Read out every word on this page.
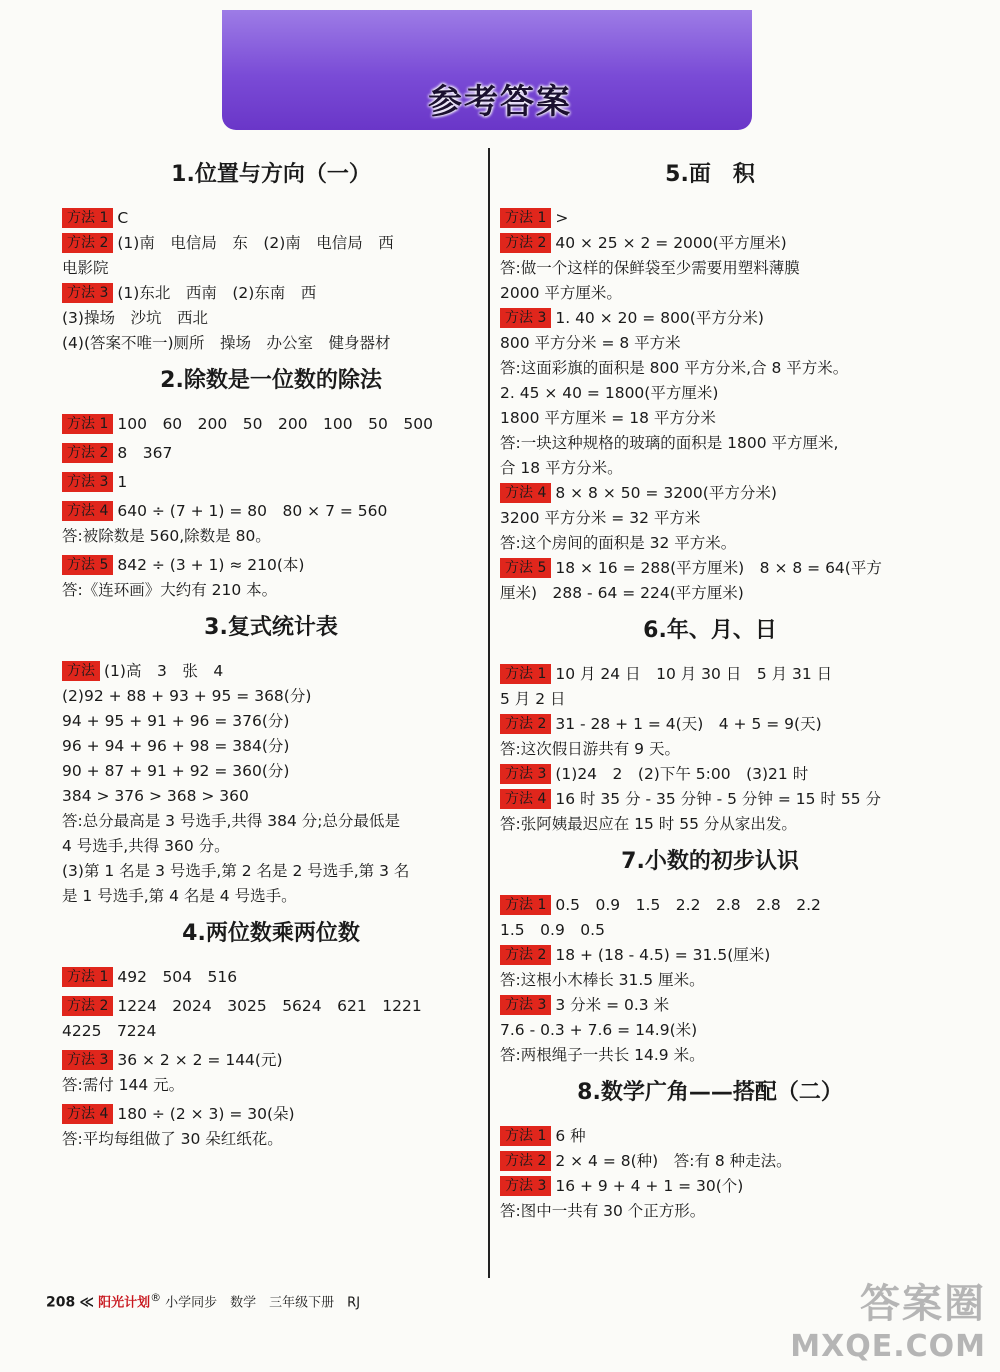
参考答案
1.位置与方向（一）
方法 1 C
方法 2 (1)南　电信局　东　(2)南　电信局　西
电影院
方法 3 (1)东北　西南　(2)东南　西
(3)操场　沙坑　西北
(4)(答案不唯一)厕所　操场　办公室　健身器材
2.除数是一位数的除法
方法 1 100　60　200　50　200　100　50　500
方法 2 8　367
方法 3 1
方法 4 640 ÷ (7 + 1) = 80　80 × 7 = 560
答:被除数是 560,除数是 80。
方法 5 842 ÷ (3 + 1) ≈ 210(本)
答:《连环画》大约有 210 本。
3.复式统计表
方法 (1)高　3　张　4
(2)92 + 88 + 93 + 95 = 368(分)
94 + 95 + 91 + 96 = 376(分)
96 + 94 + 96 + 98 = 384(分)
90 + 87 + 91 + 92 = 360(分)
384 > 376 > 368 > 360
答:总分最高是 3 号选手,共得 384 分;总分最低是
4 号选手,共得 360 分。
(3)第 1 名是 3 号选手,第 2 名是 2 号选手,第 3 名
是 1 号选手,第 4 名是 4 号选手。
4.两位数乘两位数
方法 1 492　504　516
方法 2 1224　2024　3025　5624　621　1221
4225　7224
方法 3 36 × 2 × 2 = 144(元)
答:需付 144 元。
方法 4 180 ÷ (2 × 3) = 30(朵)
答:平均每组做了 30 朵红纸花。
5.面　积
方法 1 >
方法 2 40 × 25 × 2 = 2000(平方厘米)
答:做一个这样的保鲜袋至少需要用塑料薄膜
2000 平方厘米。
方法 3 1. 40 × 20 = 800(平方分米)
800 平方分米 = 8 平方米
答:这面彩旗的面积是 800 平方分米,合 8 平方米。
2. 45 × 40 = 1800(平方厘米)
1800 平方厘米 = 18 平方分米
答:一块这种规格的玻璃的面积是 1800 平方厘米,
合 18 平方分米。
方法 4 8 × 8 × 50 = 3200(平方分米)
3200 平方分米 = 32 平方米
答:这个房间的面积是 32 平方米。
方法 5 18 × 16 = 288(平方厘米)　8 × 8 = 64(平方
厘米)　288 - 64 = 224(平方厘米)
6.年、月、日
方法 1 10 月 24 日　10 月 30 日　5 月 31 日
5 月 2 日
方法 2 31 - 28 + 1 = 4(天)　4 + 5 = 9(天)
答:这次假日游共有 9 天。
方法 3 (1)24　2　(2)下午 5:00　(3)21 时
方法 4 16 时 35 分 - 35 分钟 - 5 分钟 = 15 时 55 分
答:张阿姨最迟应在 15 时 55 分从家出发。
7.小数的初步认识
方法 1 0.5　0.9　1.5　2.2　2.8　2.8　2.2
1.5　0.9　0.5
方法 2 18 + (18 - 4.5) = 31.5(厘米)
答:这根小木棒长 31.5 厘米。
方法 3 3 分米 = 0.3 米
7.6 - 0.3 + 7.6 = 14.9(米)
答:两根绳子一共长 14.9 米。
8.数学广角——搭配（二）
方法 1 6 种
方法 2 2 × 4 = 8(种)　答:有 8 种走法。
方法 3 16 + 9 + 4 + 1 = 30(个)
答:图中一共有 30 个正方形。
208 ≪ 阳光计划® 小学同步　数学　三年级下册　RJ	答案圈
MXQE.COM
